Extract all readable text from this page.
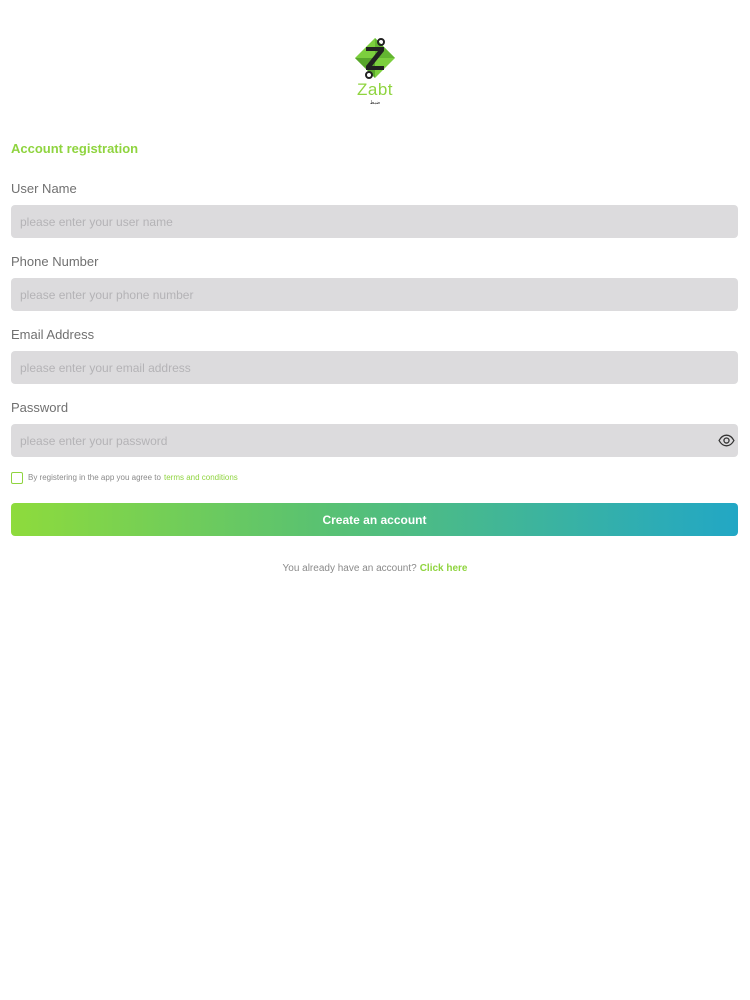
Zabt
ضبط
Account registration
User Name
please enter your user name
Phone Number
please enter your phone number
Email Address
please enter your email address
Password
By registering in the app you agree to terms and conditions
Create an account
You already have an account? Click here
